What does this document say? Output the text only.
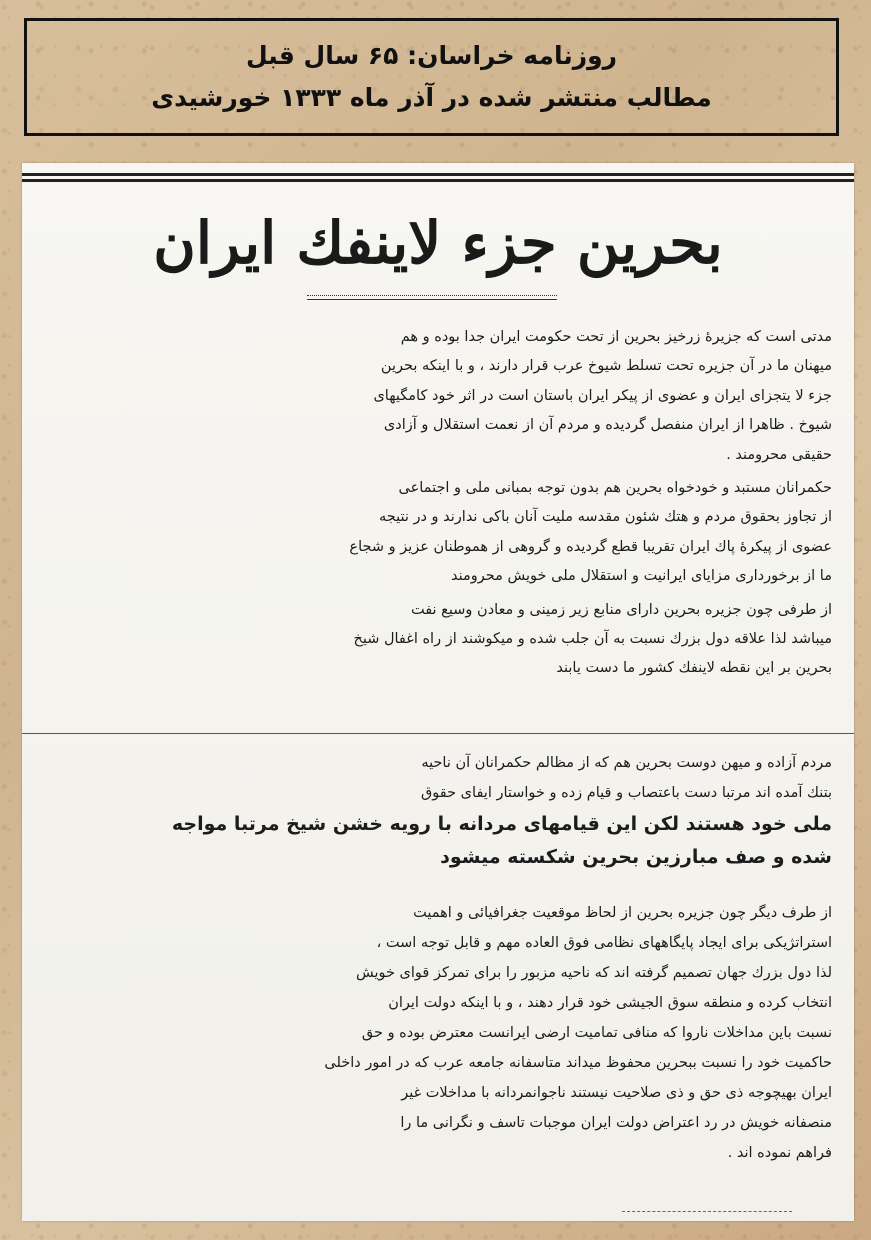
روزنامه خراسان: ۶۵ سال قبل
مطالب منتشر شده در آذر ماه ۱۳۳۳ خورشیدی
بحرین جزء لاینفك ایران

مدتی است که جزیرهٔ زرخیز بحرین از تحت حکومت ایران جدا بوده و هم

میهنان ما در آن جزیره تحت تسلط شیوخ عرب قرار دارند ، و با اینکه بحرین

جزء لا یتجزای ایران و عضوی از پیکر ایران باستان است در اثر خود کامگیهای

شیوخ . ظاهرا از ایران منفصل گردیده و مردم آن از نعمت استقلال و آزادی

حقیقی محرومند .

حکمرانان مستبد و خودخواه بحرین هم بدون توجه بمبانی ملی و اجتماعی

از تجاوز بحقوق مردم و هتك شئون مقدسه ملیت آنان باکی ندارند و در نتیجه

عضوی از پیکرهٔ پاك ایران تقریبا قطع گردیده و گروهی از هموطنان عزیز و شجاع

ما از برخورداری مزایای ایرانیت و استقلال ملی خویش محرومند

از طرفی چون جزیره بحرین دارای منابع زیر زمینی و معادن وسیع نفت

میباشد لذا علاقه دول بزرك نسبت به آن جلب شده و میکوشند از راه اغفال شیخ

بحرین بر این نقطه لاینفك کشور ما دست یابند

مردم آزاده و میهن دوست بحرین هم که از مظالم حکمرانان آن ناحیه

بتنك آمده اند مرتبا دست باعتصاب و قیام زده و خواستار ایفای حقوق

ملی خود هستند لکن این قیامهای مردانه با رویه خشن شیخ مرتبا مواجه

شده و صف مبارزین بحرین شکسته میشود

از طرف دیگر چون جزیره بحرین از لحاظ موقعیت جغرافیائی و اهمیت

استراتژیکی برای ایجاد پایگاههای نظامی فوق العاده مهم و قابل توجه است ،

لذا دول بزرك جهان تصمیم گرفته اند که ناحیه مزبور را برای تمرکز قوای خویش

انتخاب کرده و منطقه سوق الجیشی خود قرار دهند ، و با اینکه دولت ایران

نسبت باین مداخلات ناروا که منافی تمامیت ارضی ایرانست معترض بوده و حق

حاکمیت خود را نسبت ببحرین محفوظ میداند متاسفانه جامعه عرب که در امور داخلی

ایران بهیچوجه ذی حق و ذی صلاحیت نیستند ناجوانمردانه با مداخلات غیر

منصفانه خویش در رد اعتراض دولت ایران موجبات تاسف و نگرانی ما را

فراهم نموده اند .
